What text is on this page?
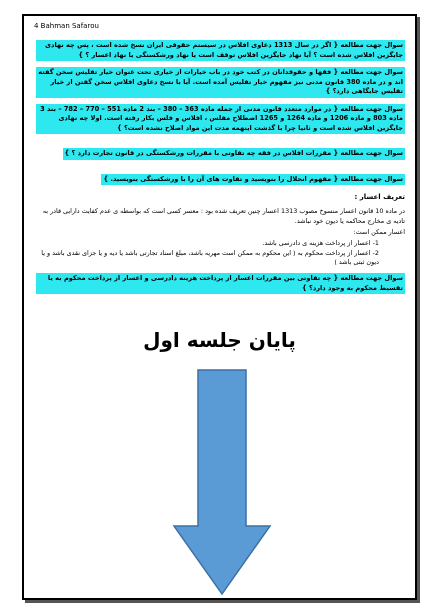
4 Bahman Safarou
سوال جهت مطالعه { اگر در سال 1313 دعاوی افلاس در سیستم حقوقی ایران نسخ شده است ، پس چه نهادی جایگزین افلاس شده است ؟ آیا نهاد جایگزین افلاس توقف است یا نهاد ورشکستگی یا نهاد اعسار ؟ }
سوال جهت مطالعه { فقها و حقوقدانان در کتب خود در باب خیارات از خیاری تحت عنوان خیار تفلیس سخن گفته اند و در ماده 380 قانون مدنی نیز مفهوم خیار تفلیس آمده است. آیا با نسخ دعاوی افلاس سخن گفتن از خیار تفلیس جایگاهی دارد؟ }
سوال جهت مطالعه { در موارد متعدد قانون مدنی از جمله ماده 363 – 380 – بند 2 ماده 551 – 770 – 782 – بند 3 ماده 803 و ماده 1206 و ماده 1264 و 1265 اصطلاح مفلس ، افلاس و فلس بکار رفته است. اولا چه نهادی جایگزین افلاس شده است و ثانیا چرا با گذشت اینهمه مدت این مواد اصلاح نشده است؟ }
سوال جهت مطالعه { مقررات افلاس در فقه چه تفاوتی با مقررات ورشکستگی در قانون تجارت دارد ؟ }
سوال جهت مطالعه { مفهوم انحلال را بنویسید و تفاوت های آن را با ورشکستگی بنویسید. }
تعریف اعسار :

در ماده 10 قانون اعسار منسوخ مصوب 1313 اعسار چنین تعریف شده بود : معسر کسی است که بواسطه ی عدم کفایت دارایی قادر به تادیه ی مخارج محاکمه یا دیون خود نباشد.

اعسار ممکن است:

1- اعسار از پرداخت هزینه ی دادرسی باشد.
2- اعسار از پرداخت محکوم به ( این محکوم به ممکن است مهریه باشد، مبلغ اسناد تجارتی باشد یا دیه و یا جزای نقدی باشد و یا دیون ثبتی باشد )
سوال جهت مطالعه { چه تفاوتی بین مقررات اعسار از پرداخت هزینه دادرسی و اعسار از پرداخت محکوم به یا تقسیط محکوم به وجود دارد؟ }
پایان جلسه اول
